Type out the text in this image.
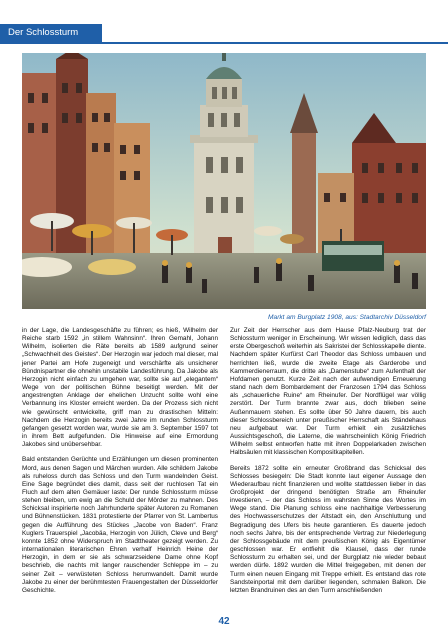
Der Schlossturm
Markt am Burgplatz 1908, aus: Stadtarchiv Düsseldorf

in der Lage, die Landesgeschäfte zu führen; es hieß, Wilhelm der Reiche starb 1592 „in stillem Wahnsinn“. Ihren Gemahl, Johann Wilhelm, isolierten die Räte bereits ab 1589 aufgrund seiner „Schwachheit des Geistes“. Der Herzogin war jedoch mal dieser, mal jener Partei am Hofe zugeneigt und verschärfte als unsicherer Bündnispartner die ohnehin unstabile Landesführung. Da Jakobe als Herzogin nicht einfach zu umgehen war, sollte sie auf „elegantem“ Wege von der politischen Bühne beseitigt werden. Mit der angestrengten Anklage der ehelichen Unzucht sollte wohl eine Verbannung ins Kloster erreicht werden. Da der Prozess sich nicht wie gewünscht entwickelte, griff man zu drastischen Mitteln: Nachdem die Herzogin bereits zwei Jahre im runden Schlossturm gefangen gesetzt worden war, wurde sie am 3. September 1597 tot in ihrem Bett aufgefunden. Die Hinweise auf eine Ermordung Jakobes sind unübersehbar.

Bald entstanden Gerüchte und Erzählungen um diesen prominenten Mord, aus denen Sagen und Märchen wurden. Alle schildern Jakobe als ruheloss durch das Schloss und den Turm wandelnden Geist. Eine Sage begründet dies damit, dass seit der ruchlosen Tat ein Fluch auf dem alten Gemäuer laste: Der runde Schlossturm müsse stehen bleiben, um ewig an die Schuld der Mörder zu mahnen. Des Schicksal inspirierte noch Jahrhunderte später Autoren zu Romanen und Bühnenstücken. 1831 protestierte der Pfarrer von St. Lambertus gegen die Aufführung des Stückes „Jacobe von Baden“. Franz Kuglers Trauerspiel „Jacobäa, Herzogin von Jülich, Cleve und Berg“ konnte 1852 ohne Widerspruch im Stadttheater gezeigt werden. Zu internationalen literarischen Ehren verhalf Heinrich Heine der Herzogin, in dem er sie als schwarzseidene Dame ohne Kopf beschrieb, die nachts mit langer rauschender Schleppe im – zu seiner Zeit – verwüsteten Schloss herumwandelt. Damit wurde Jakobe zu einer der berühmtesten Frauengestalten der Düsseldorfer Geschichte.

Zur Zeit der Herrscher aus dem Hause Pfalz-Neuburg trat der Schlossturm weniger in Erscheinung. Wir wissen lediglich, dass das erste Obergeschoß weiterhin als Sakristei der Schlosskapelle diente. Nachdem später Kurfürst Carl Theodor das Schloss umbauen und herrichten ließ, wurde die zweite Etage als Garderobe und Kammerdienerraum, die dritte als „Damenstube“ zum Aufenthalt der Hofdamen genutzt. Kurze Zeit nach der aufwendigen Erneuerung stand nach dem Bombardement der Franzosen 1794 das Schloss als „schauerliche Ruine“ am Rheinufer. Der Nordflügel war völlig zerstört. Der Turm brannte zwar aus, doch blieben seine Außenmauern stehen. Es sollte über 50 Jahre dauern, bis auch dieser Schlossbereich unter preußischer Herrschaft als Ständehaus neu aufgebaut war. Der Turm erhielt ein zusätzliches Aussichtsgeschoß, die Laterne, die wahrscheinlich König Friedrich Wilhelm selbst entworfen hatte mit ihren Doppelarkaden zwischen Halbsäulen mit klassischen Kompositkapitellen.

Bereits 1872 sollte ein erneuter Großbrand das Schicksal des Schlosses besiegeln: Die Stadt konnte laut eigener Aussage den Wiederaufbau nicht finanzieren und wollte stattdessen lieber in das Großprojekt der dringend benötigten Straße am Rheinufer investieren, – der das Schloss im wahrsten Sinne des Wortes im Wege stand. Die Planung schloss eine nachhaltige Verbesserung des Hochwasserschutzes der Altstadt ein, den Anschluttung und Begradigung des Ufers bis heute garantieren. Es dauerte jedoch noch sechs Jahre, bis der entsprechende Vertrag zur Niederlegung der Schlossgebäude mit dem preußischen König als Eigentümer geschlossen war. Er entfiehlt die Klausel, dass der runde Schlossturm zu erhalten sei, und der Burgplatz nie wieder bebaut werden dürfe. 1892 wurden die Mittel freigegeben, mit denen der Turm einen neuen Eingang mit Treppe erhielt. Es entstand das rote Sandsteinportal mit dem darüber liegenden, schmalen Balkon. Die letzten Brandruinen des an den Turm anschließenden

42
